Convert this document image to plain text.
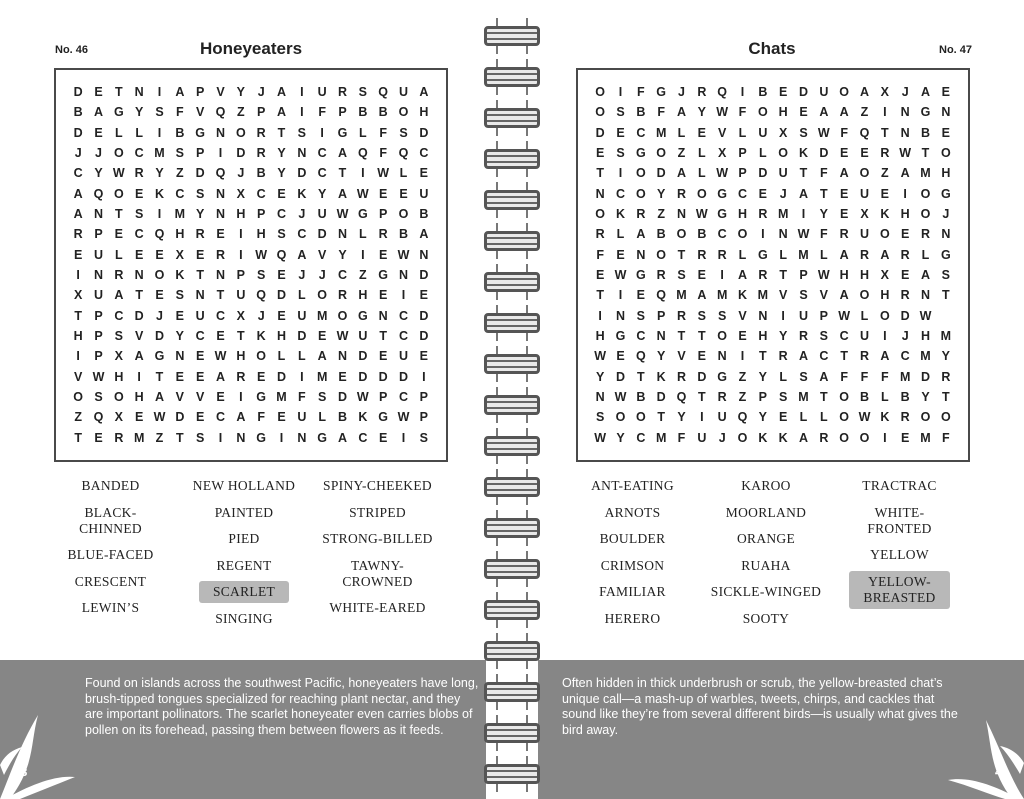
No. 46	Honeyeaters
D E T N	I	A P V Y	J A	I	U R S Q U A
B A G Y S F V Q Z P A	I	F P B B O H
D E L	L	I	B G N O R T S	I	G L	F S D
J	J O C M S P	I	D R Y N C A Q F Q C
C Y W R Y Z D Q J B Y D C T	I	W L E
A Q O E K C S N X C E K Y A W E E U
A N T S	I	M Y N H P C J U W G P O B
R P E C Q H R E	I	H S C D N L R B A
E U L E E X E R	I	W Q A V Y	I	E W N
I	N R N O K T N P S E	J	J C Z G N D
X U A T E S N T U Q D L O R H E	I	E
T P C D J	E U C X	J	E U M O G N C D
H P S V D Y C E T K H D E W U T C D
I	P X A G N E W H O L	L A N D E U E
V W H	I	T E E A R E D	I	M E D D D	I
O S O H A V V E	I	G M F S D W P C P
Z Q X E W D E C A F E U L B K G W P
T E R M Z	T S	I	N G	I	N G A C E	I	S
BANDED
BLACK-
CHINNED
BLUE-FACED
CRESCENT
LEWIN’S
NEW HOLLAND
PAINTED
PIED
REGENT
SCARLET
SINGING
SPINY-CHEEKED
STRIPED
STRONG-BILLED
TAWNY-
CROWNED
WHITE-EARED
No. 47
Chats
O	I	F G J R Q	I	B E D U O A X	J A E
O S B F A Y W F O H E A A Z	I	N G N
D E C M L E V L U X S W F Q T N B E
E S G O Z	L X P L O K D E E R W T O
T	I	O D A L W P D U T	F A O Z A M H
N C O Y R O G C E	J A T E U E	I	O G
O K R Z N W G H R M	I	Y E X K H O J
R L A B O B C O	I	N W F R U O E R N
F E N O T R R L G L M L A R A R L G
E W G R S E	I	A R T P W H H X E A S
T	I	E Q M A M K M V S V A O H R N T
I	N S P R S S V N	I	U P W L O D W
H G C N T	T O E H Y R S C U	I	J H M
W E Q Y V E N	I	T R A C T R A C M Y
Y D T K R D G Z Y L S A F	F	F M D R
N W B D Q T R Z P S M T O B L B Y T
S O O T Y	I	U Q Y E L	L O W K R O O
W Y C M F U J O K K A R O O	I	E M F
ANT-EATING
ARNOTS
BOULDER
CRIMSON
FAMILIAR
HERERO
KAROO
MOORLAND
ORANGE
RUAHA
SICKLE-WINGED
SOOTY
TRACTRAC
WHITE-
FRONTED
YELLOW
YELLOW-
BREASTED
Found on islands across the southwest Pacific, honeyeaters have long, brush-tipped tongues specialized for reaching plant nectar, and they are important pollinators. The scarlet honeyeater even carries blobs of pollen on its forehead, passing them between flowers as it feeds.
Often hidden in thick underbrush or scrub, the yellow-breasted chat’s unique call—a mash-up of warbles, tweets, chirps, and cackles that sound like they’re from several different birds—is usually what gives the bird away.
48	49
